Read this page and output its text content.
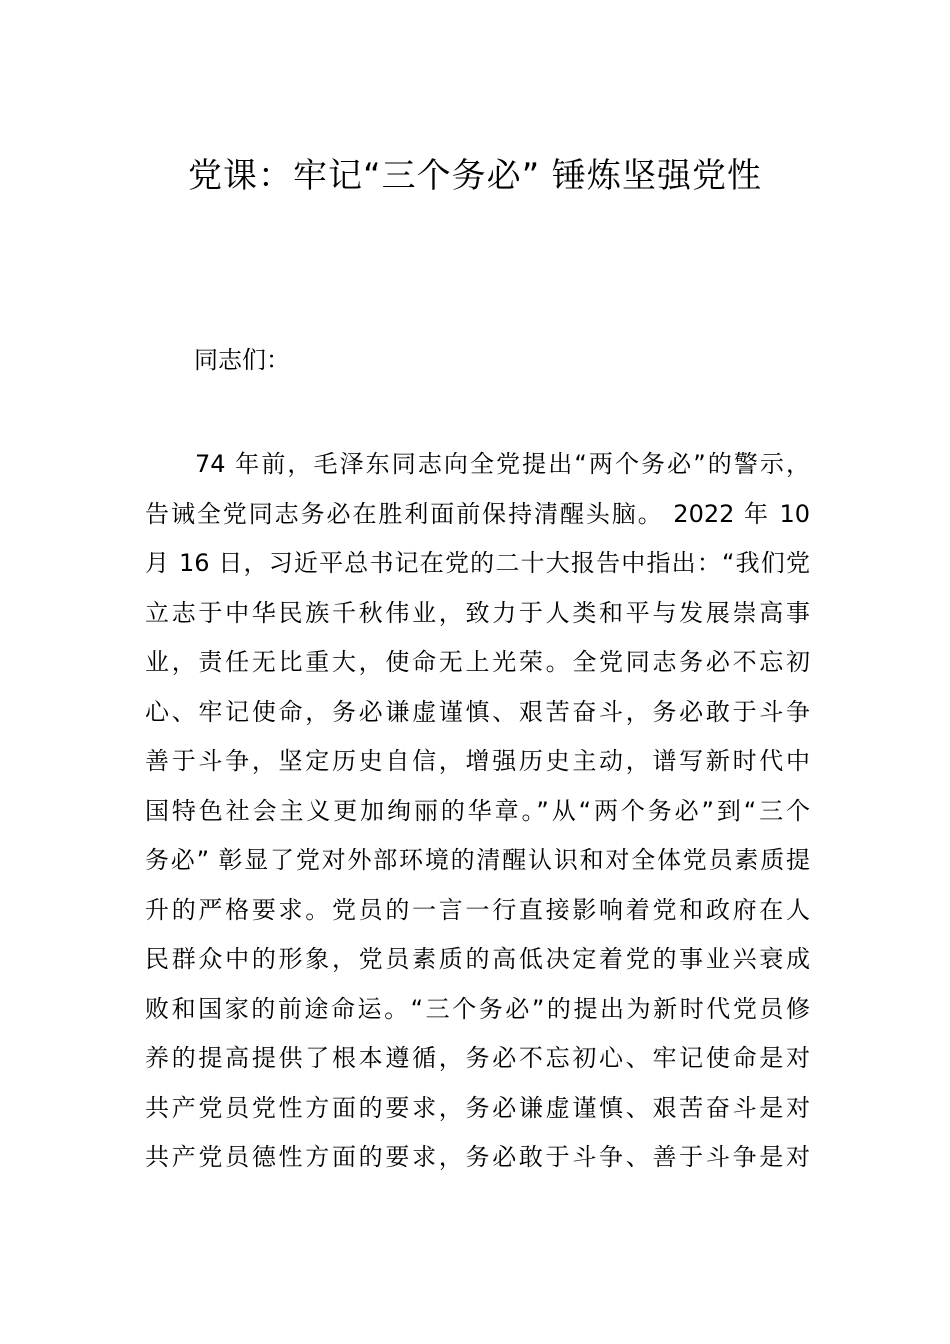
党课：牢记“三个务必” 锤炼坚强党性

同志们：

74 年前，毛泽东同志向全党提出“两个务必”的警示，
告诫全党同志务必在胜利面前保持清醒头脑。 2022 年 10
月 16 日，习近平总书记在党的二十大报告中指出：“我们党
立志于中华民族千秋伟业，致力于人类和平与发展崇高事
业，责任无比重大，使命无上光荣。全党同志务必不忘初
心、牢记使命，务必谦虚谨慎、艰苦奋斗，务必敢于斗争
善于斗争，坚定历史自信，增强历史主动，谱写新时代中
国特色社会主义更加绚丽的华章。”从“两个务必”到“三个
务必” 彰显了党对外部环境的清醒认识和对全体党员素质提
升的严格要求。党员的一言一行直接影响着党和政府在人
民群众中的形象，党员素质的高低决定着党的事业兴衰成
败和国家的前途命运。“三个务必”的提出为新时代党员修
养的提高提供了根本遵循，务必不忘初心、牢记使命是对
共产党员党性方面的要求，务必谦虚谨慎、艰苦奋斗是对
共产党员德性方面的要求，务必敢于斗争、善于斗争是对
